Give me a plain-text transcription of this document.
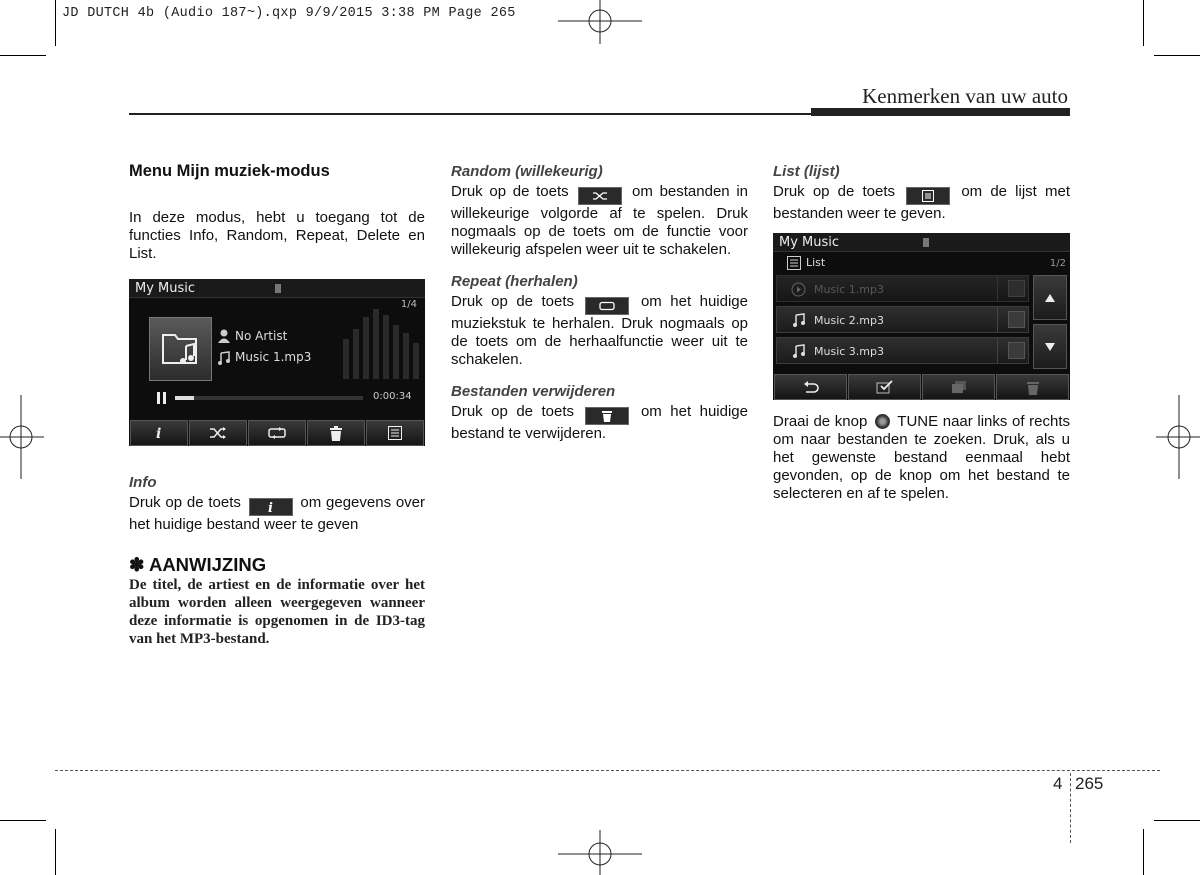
JD DUTCH 4b (Audio 187~).qxp 9/9/2015 3:38 PM Page 265
Kenmerken van uw auto
Menu Mijn muziek-modus
In deze modus, hebt u toegang tot de functies Info, Random, Repeat, Delete en List.
My Music
1/4
No Artist
Music 1.mp3
0:00:34
i
Info
Druk op de toets i om gegevens over het huidige bestand weer te geven
✽ AANWIJZING
De titel, de artiest en de informatie over het album worden alleen weergegeven wanneer deze informatie is opgenomen in de ID3-tag van het MP3-bestand.
Random (willekeurig)
Druk op de toets	om bestanden in willekeurige volgorde af te spelen. Druk nogmaals op de toets om de functie voor willekeurig afspelen weer uit te schakelen.
Repeat (herhalen)
Druk op de toets	om het huidige muziekstuk te herhalen. Druk nogmaals op de toets om de herhaalfunctie weer uit te schakelen.
Bestanden verwijderen
Druk op de toets	om het huidige bestand te verwijderen.
List (lijst)
Druk op de toets	om de lijst met bestanden weer te geven.
My Music
List	1/2
Music 1.mp3
Music 2.mp3
Music 3.mp3
Draai de knop TUNE naar links of rechts om naar bestanden te zoeken. Druk, als u het gewenste bestand eenmaal hebt gevonden, op de knop om het bestand te selecteren en af te spelen.
4 265
